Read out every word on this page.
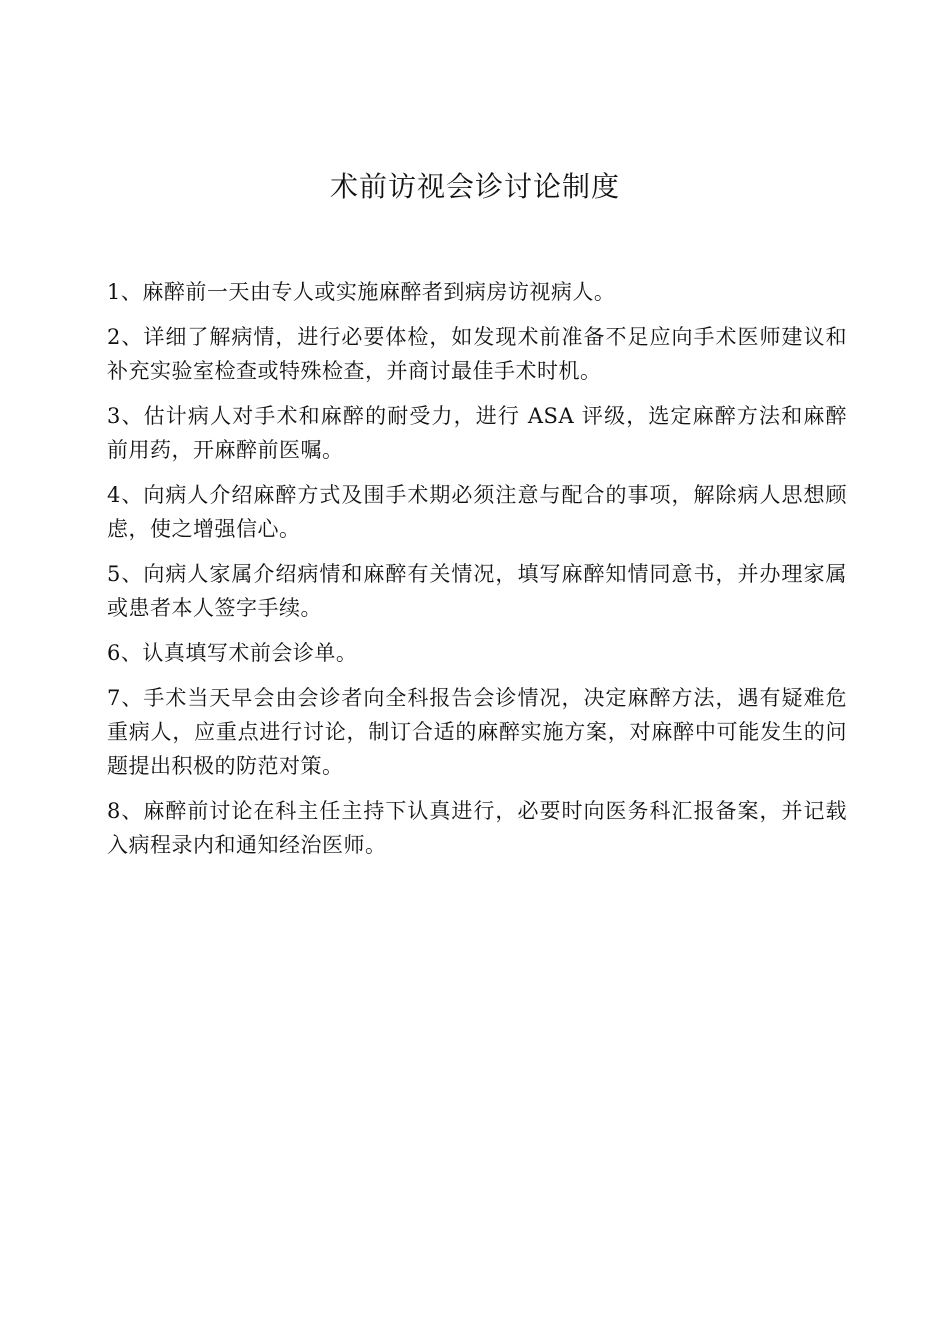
术前访视会诊讨论制度
1、麻醉前一天由专人或实施麻醉者到病房访视病人。
2、详细了解病情，进行必要体检，如发现术前准备不足应向手术医师建议和补充实验室检查或特殊检查，并商讨最佳手术时机。
3、估计病人对手术和麻醉的耐受力，进行 ASA 评级，选定麻醉方法和麻醉前用药，开麻醉前医嘱。
4、向病人介绍麻醉方式及围手术期必须注意与配合的事项，解除病人思想顾虑，使之增强信心。
5、向病人家属介绍病情和麻醉有关情况，填写麻醉知情同意书，并办理家属或患者本人签字手续。
6、认真填写术前会诊单。
7、手术当天早会由会诊者向全科报告会诊情况，决定麻醉方法，遇有疑难危重病人，应重点进行讨论，制订合适的麻醉实施方案，对麻醉中可能发生的问题提出积极的防范对策。
8、麻醉前讨论在科主任主持下认真进行，必要时向医务科汇报备案，并记载入病程录内和通知经治医师。
